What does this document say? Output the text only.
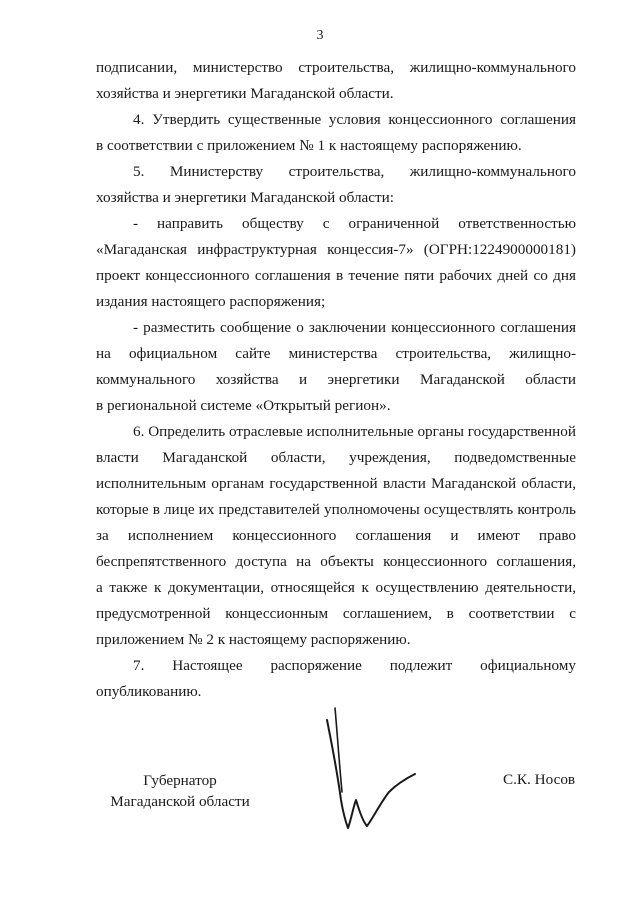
3
подписании, министерство строительства, жилищно-коммунального
хозяйства и энергетики Магаданской области.
4. Утвердить существенные условия концессионного соглашения
в соответствии с приложением № 1 к настоящему распоряжению.
5. Министерству строительства, жилищно-коммунального
хозяйства и энергетики Магаданской области:
- направить обществу с ограниченной ответственностью
«Магаданская инфраструктурная концессия-7» (ОГРН:1224900000181)
проект концессионного соглашения в течение пяти рабочих дней со дня
издания настоящего распоряжения;
- разместить сообщение о заключении концессионного соглашения
на официальном сайте министерства строительства, жилищно-
коммунального хозяйства и энергетики Магаданской области
в региональной системе «Открытый регион».
6. Определить отраслевые исполнительные органы государственной
власти Магаданской области, учреждения, подведомственные
исполнительным органам государственной власти Магаданской области,
которые в лице их представителей уполномочены осуществлять контроль
за исполнением концессионного соглашения и имеют право
беспрепятственного доступа на объекты концессионного соглашения,
а также к документации, относящейся к осуществлению деятельности,
предусмотренной концессионным соглашением, в соответствии с
приложением № 2 к настоящему распоряжению.
7. Настоящее распоряжение подлежит официальному
опубликованию.
Губернатор
Магаданской области
С.К. Носов
